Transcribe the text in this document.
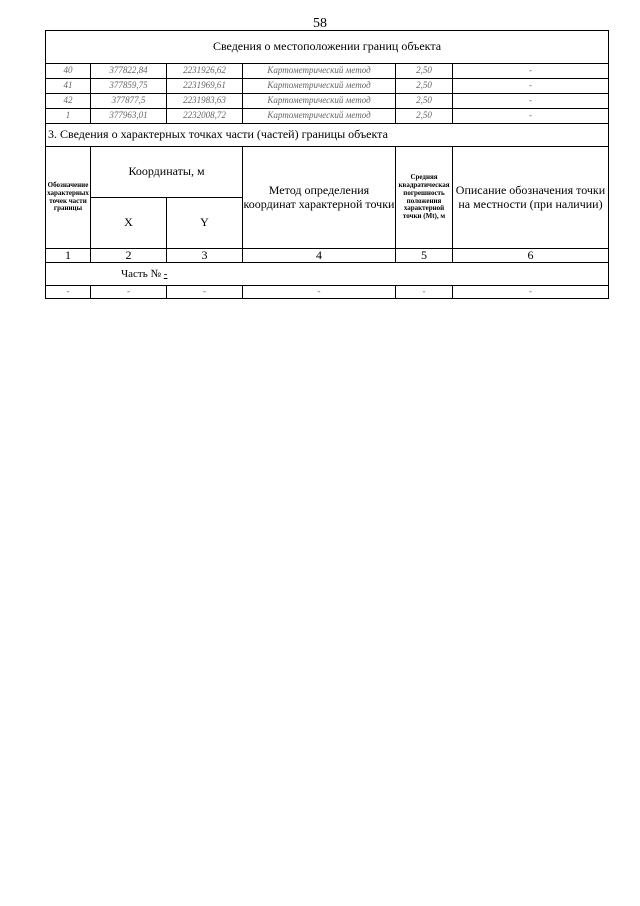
58
Сведения о местоположении границ объекта					
40	377822,84	2231926,62	Картометрический метод	2,50	-
41	377859,75	2231969,61	Картометрический метод	2,50	-
42	377877,5	2231983,63	Картометрический метод	2,50	-
1	377963,01	2232008,72	Картометрический метод	2,50	-
3. Сведения о характерных точках части (частей) границы объекта					
Обозначение характерных точек части границы	Координаты, м		Метод определения координат характерной точки	Средняя квадратическая погрешность положения характерной точки (Mt), м	Описание обозначения точки на местности (при наличии)
	X	Y			
1	2	3	4	5	6
Часть № -					
-	-	-	-	-	-
